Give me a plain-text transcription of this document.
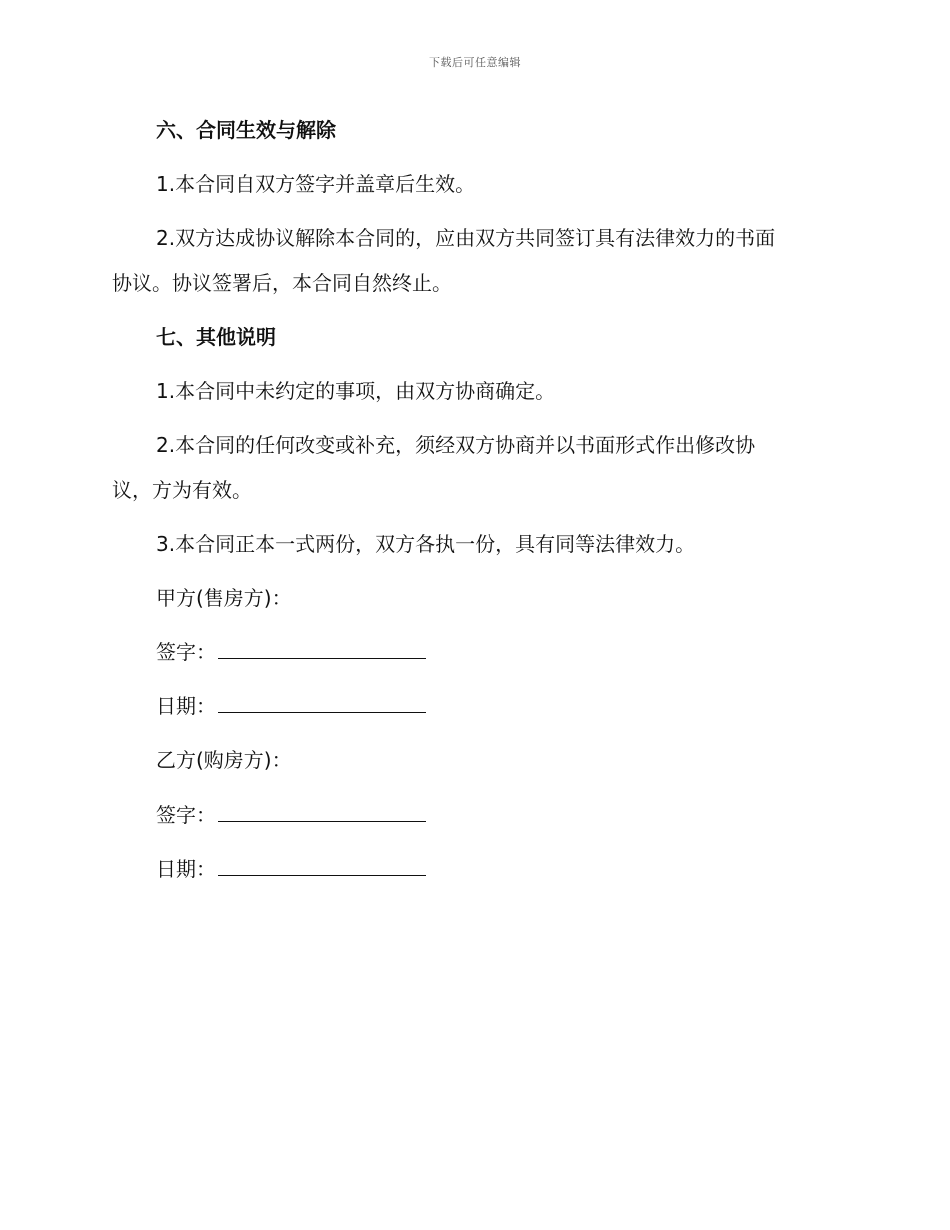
下载后可任意编辑
六、合同生效与解除
1.本合同自双方签字并盖章后生效。
2.双方达成协议解除本合同的，应由双方共同签订具有法律效力的书面
协议。协议签署后，本合同自然终止。
七、其他说明
1.本合同中未约定的事项，由双方协商确定。
2.本合同的任何改变或补充，须经双方协商并以书面形式作出修改协
议，方为有效。
3.本合同正本一式两份，双方各执一份，具有同等法律效力。
甲方(售房方)：
签字：
日期：
乙方(购房方)：
签字：
日期：
